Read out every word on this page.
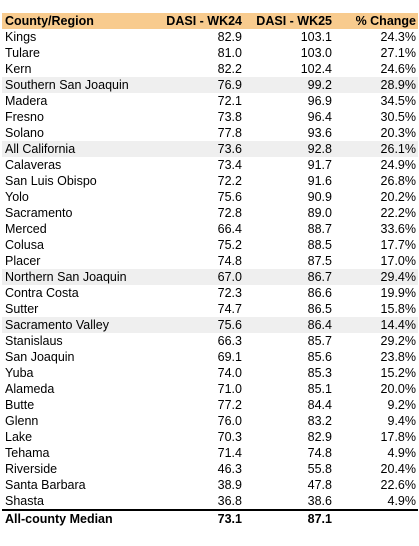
County/Region	DASI - WK24	DASI - WK25	% Change
Kings	82.9	103.1	24.3%
Tulare	81.0	103.0	27.1%
Kern	82.2	102.4	24.6%
Southern San Joaquin	76.9	99.2	28.9%
Madera	72.1	96.9	34.5%
Fresno	73.8	96.4	30.5%
Solano	77.8	93.6	20.3%
All California	73.6	92.8	26.1%
Calaveras	73.4	91.7	24.9%
San Luis Obispo	72.2	91.6	26.8%
Yolo	75.6	90.9	20.2%
Sacramento	72.8	89.0	22.2%
Merced	66.4	88.7	33.6%
Colusa	75.2	88.5	17.7%
Placer	74.8	87.5	17.0%
Northern San Joaquin	67.0	86.7	29.4%
Contra Costa	72.3	86.6	19.9%
Sutter	74.7	86.5	15.8%
Sacramento Valley	75.6	86.4	14.4%
Stanislaus	66.3	85.7	29.2%
San Joaquin	69.1	85.6	23.8%
Yuba	74.0	85.3	15.2%
Alameda	71.0	85.1	20.0%
Butte	77.2	84.4	9.2%
Glenn	76.0	83.2	9.4%
Lake	70.3	82.9	17.8%
Tehama	71.4	74.8	4.9%
Riverside	46.3	55.8	20.4%
Santa Barbara	38.9	47.8	22.6%
Shasta	36.8	38.6	4.9%
All-county Median	73.1	87.1	
